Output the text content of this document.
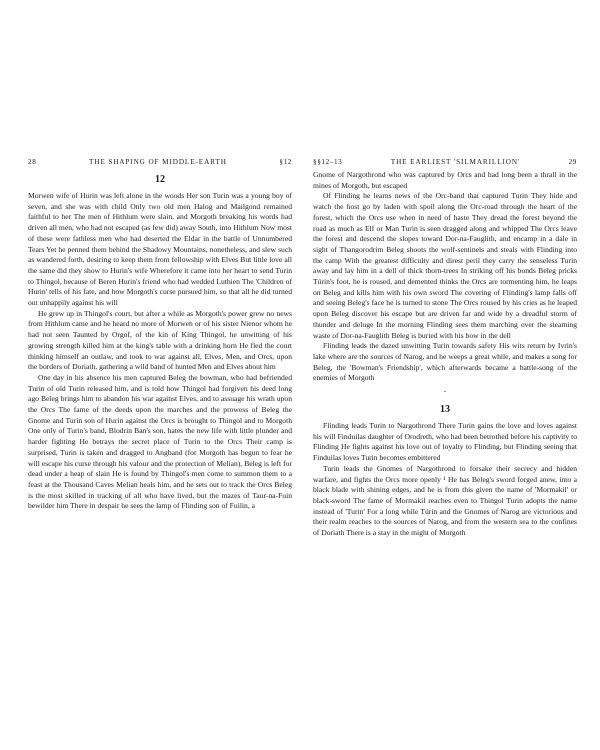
28	THE SHAPING OF MIDDLE-EARTH	§12
12

Morwen wife of Hurin was left alone in the woods Her son Turin was a young boy of seven, and she was with child Only two old men Halog and Mailgond remained faithful to her The men of Hithlum were slain, and Morgoth breaking his words had driven all men, who had not escaped (as few did) away South, into Hithlum Now most of these were fathless men who had deserted the Eldar in the battle of Unnumbered Tears Yet he penned them behind the Shadowy Mountains, nonetheless, and slew such as wandered forth, desiring to keep them from fellowship with Elves But little love all the same did they show to Hurin's wife Wherefore it came into her heart to send Turin to Thingol, because of Beren Hurin's friend who had wedded Luthien The 'Children of Hurin' tells of his fate, and how Morgoth's curse pursued him, so that all he did turned out unhappily against his will

He grew up in Thingol's court, but after a while as Morgoth's power grew no news from Hithlum came and he heard no more of Morwen or of his sister Nienor whom he had not seen Taunted by Orgof, of the kin of King Thingol, he unwitting of his growing strength killed him at the king's table with a drinking horn He fled the court thinking himself an outlaw, and took to war against all, Elves, Men, and Orcs, upon the borders of Doriath, gathering a wild band of hunted Men and Elves about him

One day in his absence his men captured Beleg the bowman, who had befriended Turin of old Turin released him, and is told how Thingol had forgiven his deed long ago Beleg brings him to abandon his war against Elves, and to assuage his wrath upon the Orcs The fame of the deeds upon the marches and the prowess of Beleg the Gnome and Turin son of Hurin against the Orcs is brought to Thingol and to Morgoth One only of Turin's band, Blodrin Ban's son, hates the new life with little plunder and harder fighting He betrays the secret place of Turin to the Orcs Their camp is surprised, Turin is taken and dragged to Angband (for Morgoth has begun to fear he will escape his curse through his valour and the protection of Melian), Beleg is left for dead under a heap of slain He is found by Thingol's men come to summon them to a feast at the Thousand Caves Melian heals him, and he sets out to track the Orcs Beleg is the most skilled in tracking of all who have lived, but the mazes of Taur-na-Fuin bewilder him There in despair he sees the lamp of Flinding son of Fuilin, a

§§12–13	THE EARLIEST 'SILMARILLION'	29

Gnome of Nargothrond who was captured by Orcs and had long been a thrall in the mines of Morgoth, but escaped

Of Flinding he learns news of the Orc-band that captured Turin They hide and watch the host go by laden with spoil along the Orc-road through the heart of the forest, which the Orcs use when in need of haste They dread the forest beyond the road as much as Elf or Man Turin is seen dragged along and whipped The Orcs leave the forest and descend the slopes toward Dor-na-Fauglith, and encamp in a dale in sight of Thangorodrim Beleg shoots the wolf-sentinels and steals with Flinding into the camp With the greatest difficulty and direst peril they carry the senseless Turin away and lay him in a dell of thick thorn-trees In striking off his bonds Beleg pricks Túrin's foot, he is roused, and demented thinks the Orcs are tormenting him, he leaps on Beleg and kills him with his own sword The covering of Flinding's lamp falls off and seeing Beleg's face he is turned to stone The Orcs roused by his cries as he leaped upon Beleg discover his escape but are driven far and wide by a dreadful storm of thunder and deluge In the morning Flinding sees them marching over the steaming waste of Dor-na-Fauglith Beleg is buried with his bow in the dell

Flinding leads the dazed unwitting Turin towards safety His wits return by Ivrin's lake where are the sources of Narog, and he weeps a great while, and makes a song for Beleg, the 'Bowman's Friendship', which afterwards became a battle-song of the enemies of Morgoth

-
13

Flinding leads Turin to Nargothrond There Turin gains the love and loves against his will Finduilas daughter of Orodreth, who had been betrothed before his captivity to Flinding He fights against his love out of loyalty to Flinding, but Flinding seeing that Finduilas loves Turin becomes embittered

Turin leads the Gnomes of Nargothrond to forsake their secrecy and hidden warfare, and fights the Orcs more openly ¹ He has Beleg's sword forged anew, into a black blade with shining edges, and he is from this given the name of 'Mormakil' or black-sword The fame of Mormakil reaches even to Thingol Turin adopts the name instead of 'Turin' For a long while Túrin and the Gnomes of Narog are victorious and their realm reaches to the sources of Narog, and from the western sea to the confines of Doriath There is a stay in the might of Morgoth
